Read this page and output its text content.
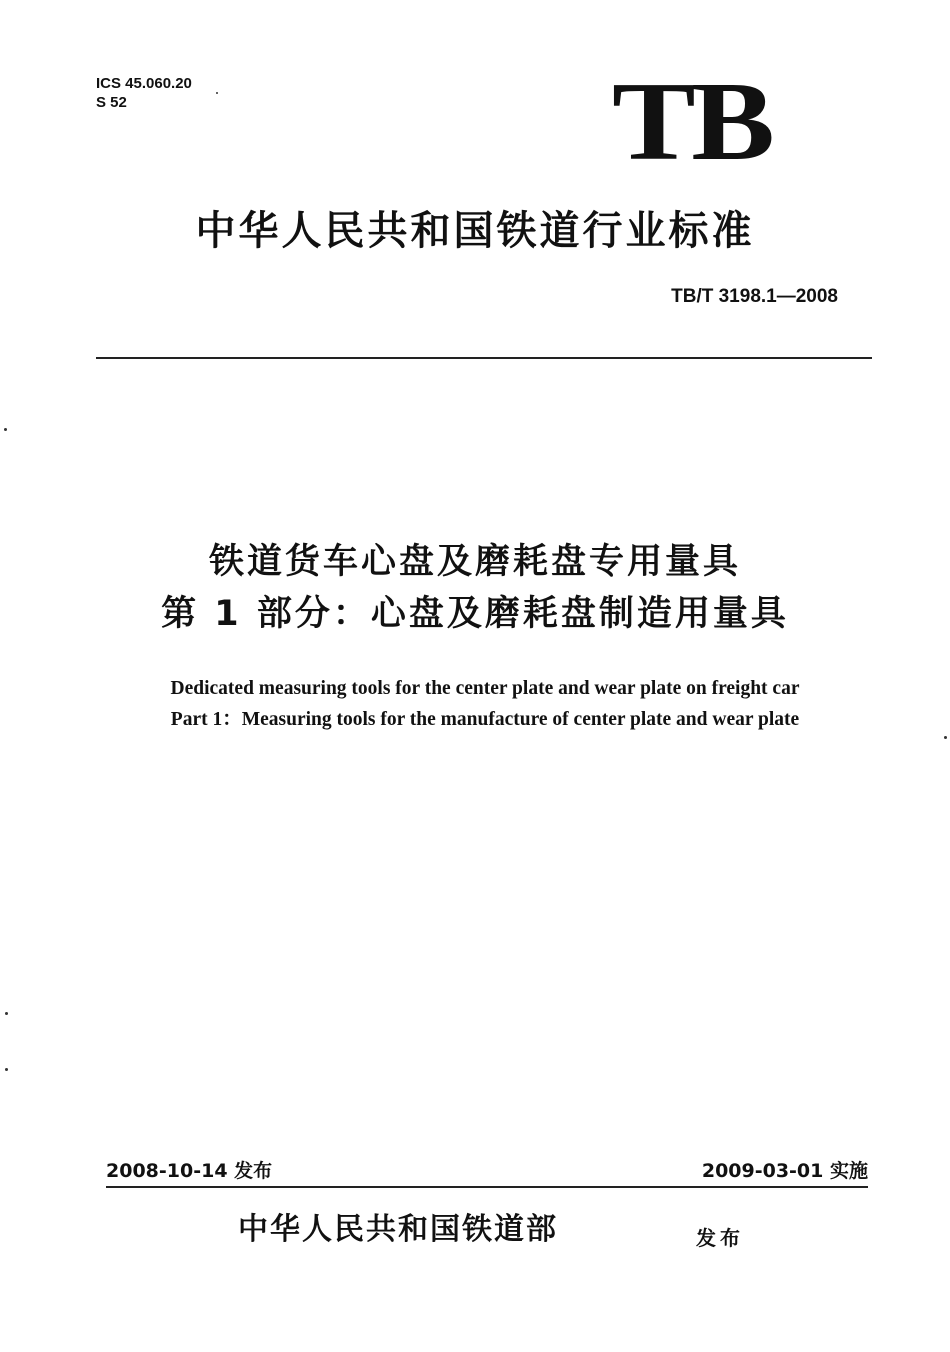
ICS 45.060.20
S 52	TB
中华人民共和国铁道行业标准
TB/T 3198.1—2008
铁道货车心盘及磨耗盘专用量具
第 1 部分：心盘及磨耗盘制造用量具
Dedicated measuring tools for the center plate and wear plate on freight car
Part 1：Measuring tools for the manufacture of center plate and wear plate
2008-10-14 发布	2009-03-01 实施
中华人民共和国铁道部	发布
